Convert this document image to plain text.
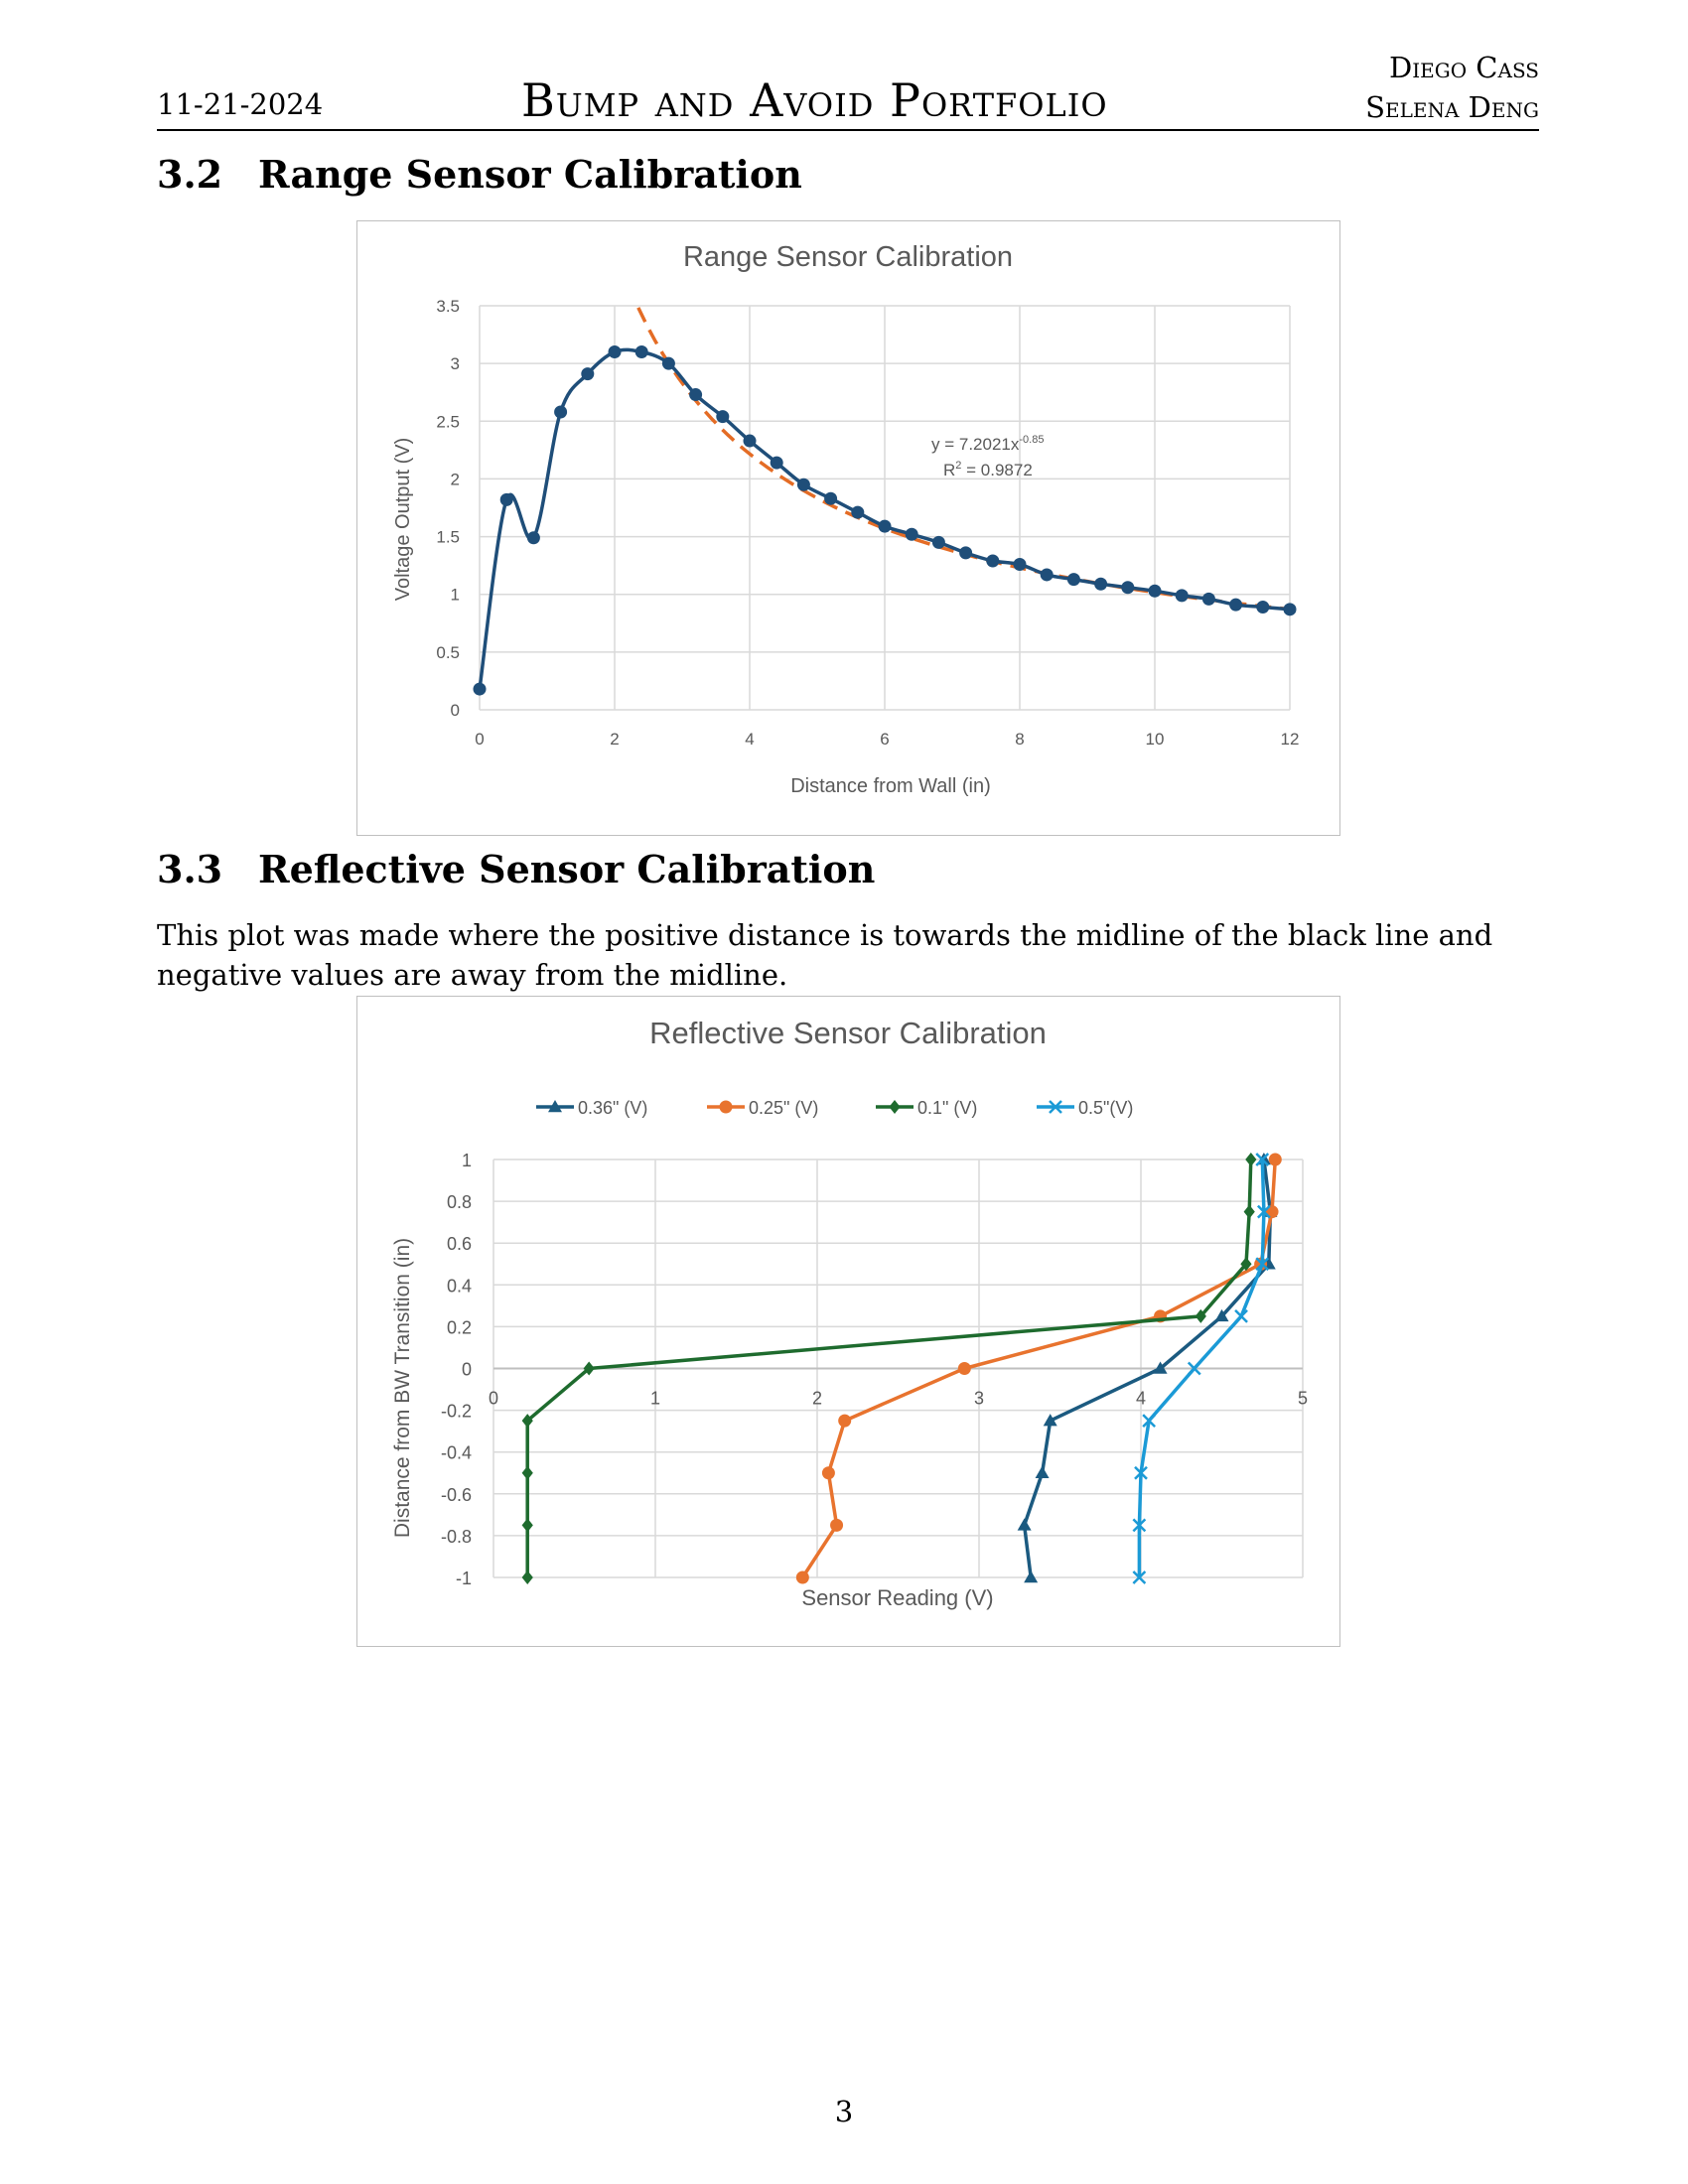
11-21-2024	Bump and Avoid Portfolio
Diego Cass
Selena Deng
3.2 Range Sensor Calibration
0	2	4	6	8	10	12
0
0.5
1
1.5
2
2.5
3
3.5
Range Sensor Calibration
Distance from Wall (in)
Voltage Output (V)	$y = 7.2021x^{-0.85}$
$R^2 = 0.9872$
3.3 Reflective Sensor Calibration
This plot was made where the positive distance is towards the midline of the black line and negative values are away from the midline.
0	1	2	3	4	5
1
0.8
0.6
0.4
0.2
0
-0.2
-0.4
-0.6
-0.8
-1
0.36" (V)	0.25" (V)	0.1" (V)	0.5"(V)
Reflective Sensor Calibration
Sensor Reading (V)
Distance from BW Transition (in)
3
